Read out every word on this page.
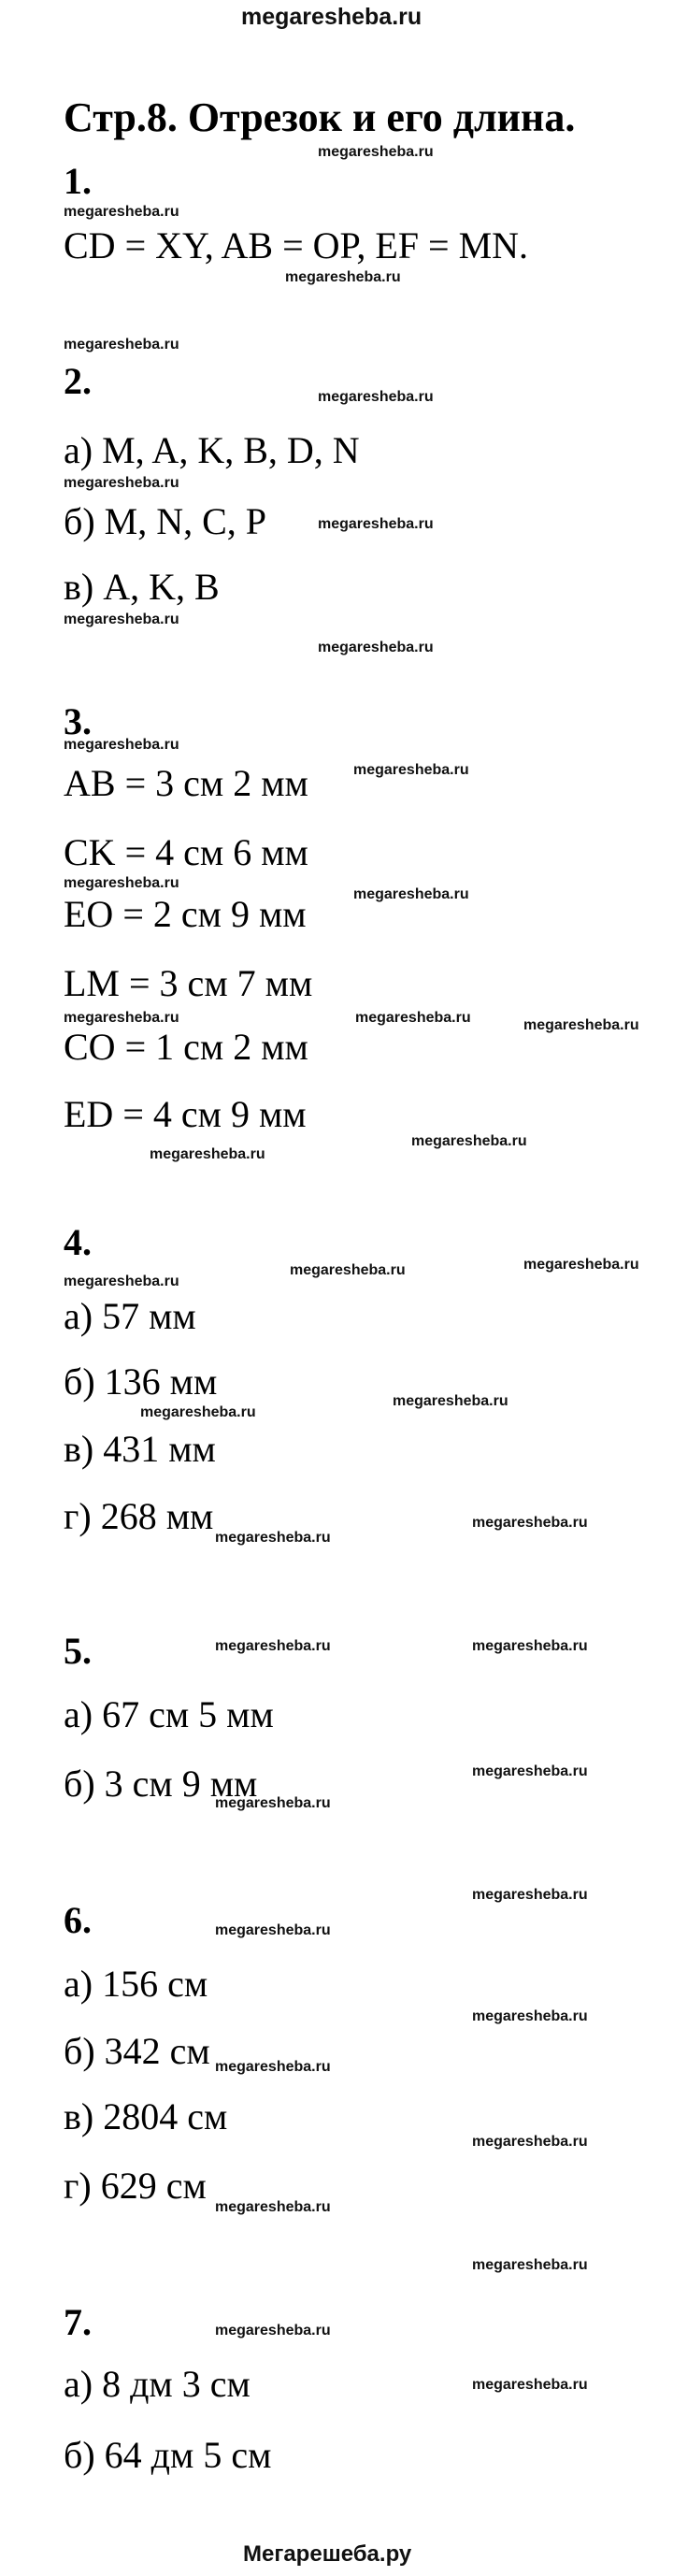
megaresheba.ru
Стр.8. Отрезок и его длина.
1.
CD = XY, AB = OP, EF = MN.
2.
а) M, A, K, B, D, N
б) M, N, C, P
в) A, K, B
3.
AB = 3 см 2 мм
CK = 4 см 6 мм
EO = 2 см 9 мм
LM = 3 см 7 мм
CO = 1 см 2 мм
ED = 4 см 9 мм
4.
а) 57 мм
б) 136 мм
в) 431 мм
г) 268 мм
5.
а) 67 см 5 мм
б) 3 см 9 мм
6.
а) 156 см
б) 342 см
в) 2804 см
г) 629 см
7.
а) 8 дм 3 см
б) 64 дм 5 см
megaresheba.ru
megaresheba.ru
megaresheba.ru
megaresheba.ru
megaresheba.ru
megaresheba.ru
megaresheba.ru
megaresheba.ru
megaresheba.ru
megaresheba.ru
megaresheba.ru
megaresheba.ru
megaresheba.ru
megaresheba.ru	megaresheba.ru	megaresheba.ru
megaresheba.ru
megaresheba.ru
megaresheba.ru
megaresheba.ru	megaresheba.ru
megaresheba.ru
megaresheba.ru
megaresheba.ru
megaresheba.ru
megaresheba.ru	megaresheba.ru
megaresheba.ru
megaresheba.ru
megaresheba.ru
megaresheba.ru
megaresheba.ru
megaresheba.ru
megaresheba.ru
megaresheba.ru
megaresheba.ru
megaresheba.ru
megaresheba.ru
Мегарешеба.ру
